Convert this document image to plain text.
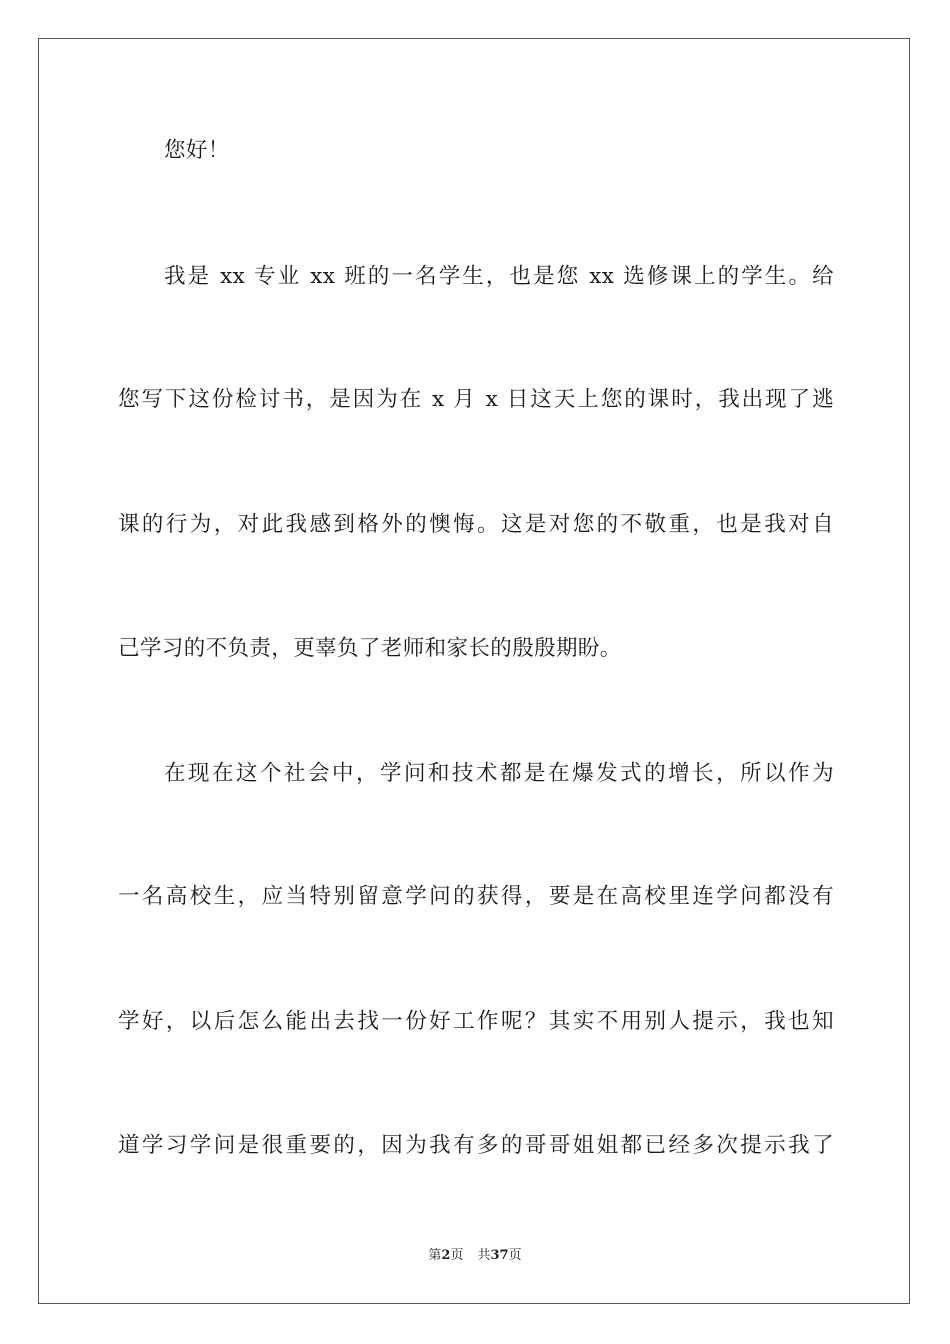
您好！
我是 xx 专业 xx 班的一名学生，也是您 xx 选修课上的学生。给
您写下这份检讨书，是因为在 x 月 x 日这天上您的课时，我出现了逃
课的行为，对此我感到格外的懊悔。这是对您的不敬重，也是我对自
己学习的不负责，更辜负了老师和家长的殷殷期盼。
在现在这个社会中，学问和技术都是在爆发式的增长，所以作为
一名高校生，应当特别留意学问的获得，要是在高校里连学问都没有
学好，以后怎么能出去找一份好工作呢？其实不用别人提示，我也知
道学习学问是很重要的，因为我有多的哥哥姐姐都已经多次提示我了
第2页 共37页
